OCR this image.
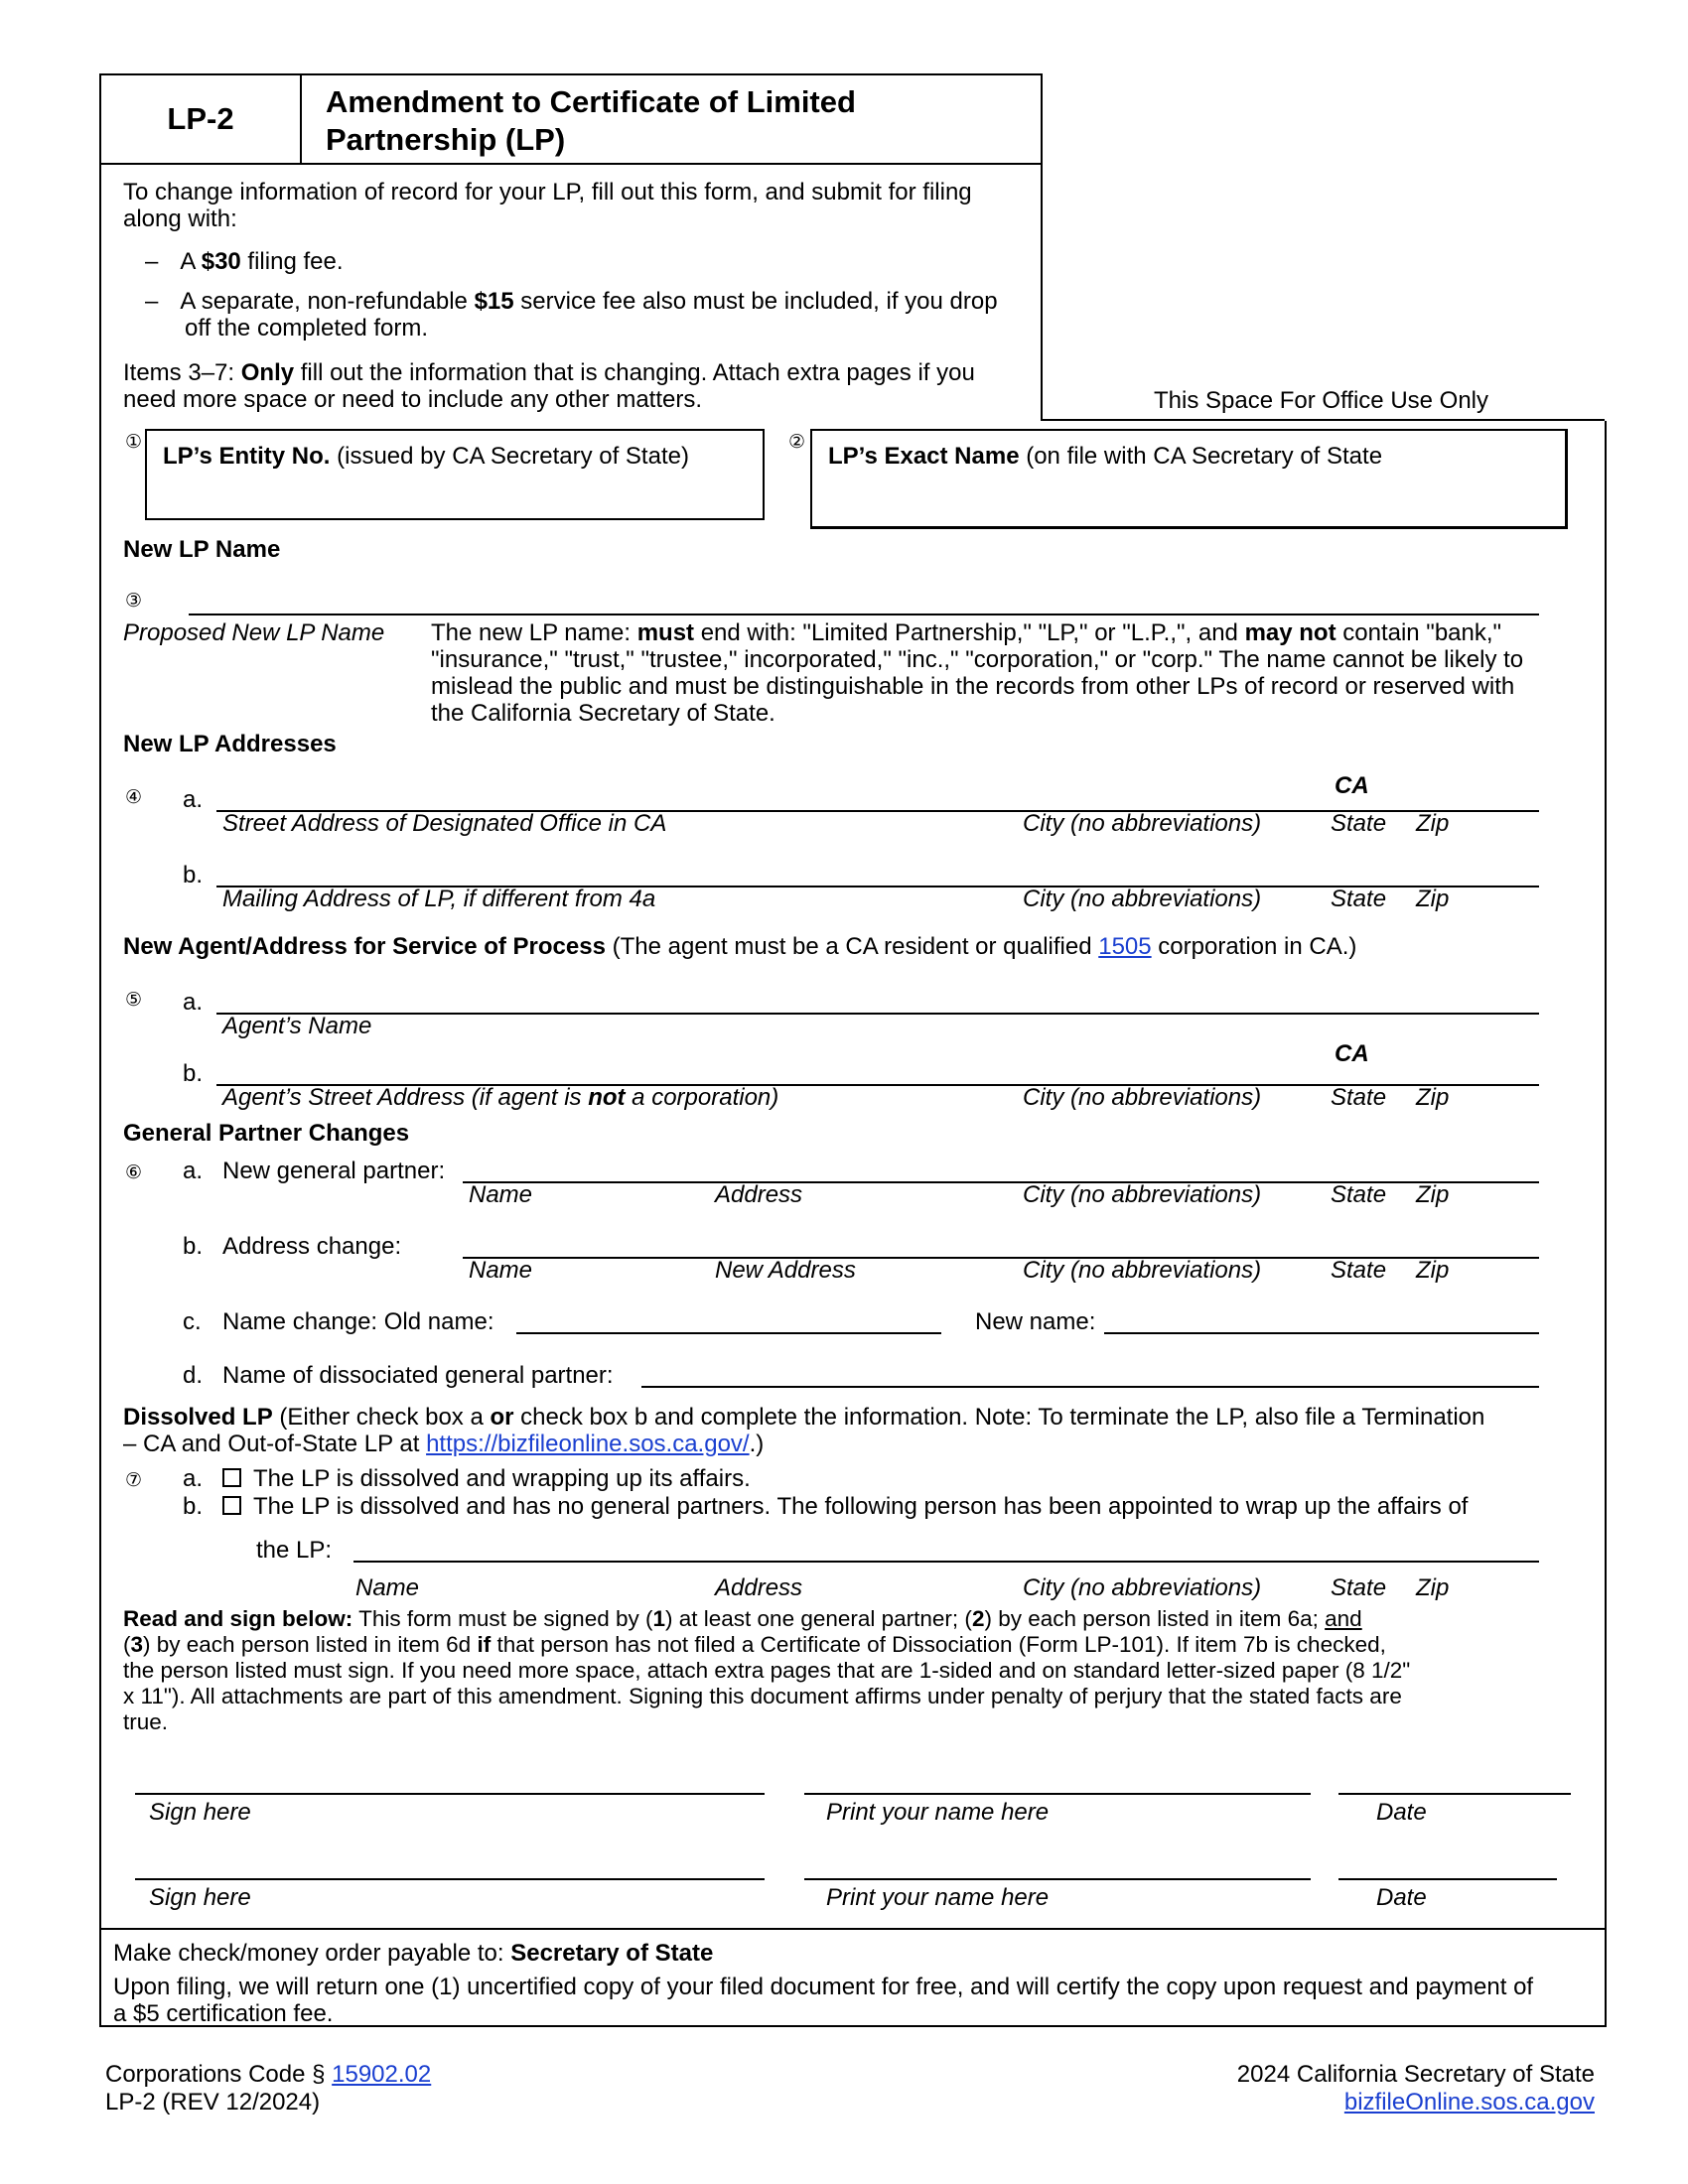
LP-2	Amendment to Certificate of Limited
Partnership (LP)
To change information of record for your LP, fill out this form, and submit for filing
along with:
– A $30 filing fee.
– A separate, non-refundable $15 service fee also must be included, if you drop
off the completed form.
Items 3–7: Only fill out the information that is changing. Attach extra pages if you
need more space or need to include any other matters.	This Space For Office Use Only
①
LP’s Entity No. (issued by CA Secretary of State)
②
LP’s Exact Name (on file with CA Secretary of State
New LP Name
③
Proposed New LP Name The new LP name: must end with: "Limited Partnership," "LP," or "L.P.,", and may not contain "bank,"
"insurance," "trust," "trustee," incorporated," "inc.," "corporation," or "corp." The name cannot be likely to
mislead the public and must be distinguishable in the records from other LPs of record or reserved with
the California Secretary of State.
New LP Addresses
④ a.
CA
Street Address of Designated Office in CA	City (no abbreviations)	State Zip
b.
Mailing Address of LP, if different from 4a	City (no abbreviations)	State Zip
New Agent/Address for Service of Process (The agent must be a CA resident or qualified 1505 corporation in CA.)
⑤ a.
Agent’s Name
b.
CA
Agent’s Street Address (if agent is not a corporation)	City (no abbreviations)	State Zip
General Partner Changes
⑥ a. New general partner:
Name	Address	City (no abbreviations)	State Zip
b. Address change:
Name	New Address	City (no abbreviations)	State Zip
c. Name change: Old name:	New name:
d. Name of dissociated general partner:
Dissolved LP (Either check box a or check box b and complete the information. Note: To terminate the LP, also file a Termination
– CA and Out-of-State LP at https://bizfileonline.sos.ca.gov/.)
⑦ a.	The LP is dissolved and wrapping up its affairs.
b.	The LP is dissolved and has no general partners. The following person has been appointed to wrap up the affairs of
the LP:
Name	Address	City (no abbreviations)	State Zip
Read and sign below: This form must be signed by (1) at least one general partner; (2) by each person listed in item 6a; and
(3) by each person listed in item 6d if that person has not filed a Certificate of Dissociation (Form LP-101). If item 7b is checked,
the person listed must sign. If you need more space, attach extra pages that are 1-sided and on standard letter-sized paper (8 1/2"
x 11"). All attachments are part of this amendment. Signing this document affirms under penalty of perjury that the stated facts are
true.
Sign here	Print your name here	Date
Sign here	Print your name here	Date
Make check/money order payable to: Secretary of State
Upon filing, we will return one (1) uncertified copy of your filed document for free, and will certify the copy upon request and payment of
a $5 certification fee.
Corporations Code § 15902.02
LP-2 (REV 12/2024)
2024 California Secretary of State
bizfileOnline.sos.ca.gov
